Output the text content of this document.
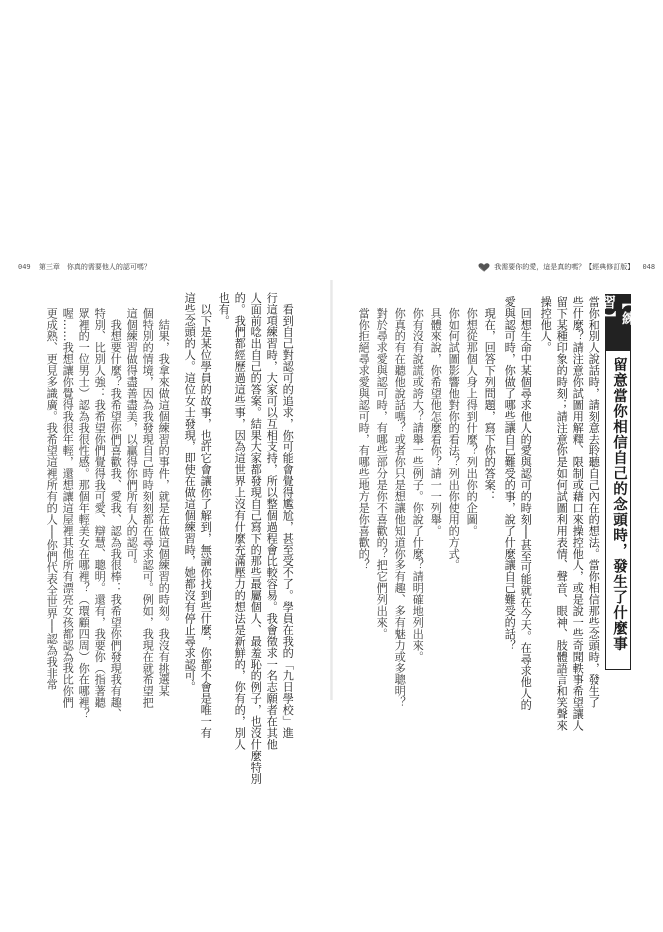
049 第三章　你真的需要他人的認可嗎？	我需要你的愛，這是真的嗎？【經典修訂版】 048
【練習】
留意當你相信自己的念頭時，發生了什麼事
當你和別人說話時，請刻意去聆聽自己內在的想法。當你相信那些念頭時，發生了
些什麼？請注意你試圖用解釋、限制或藉口來操控他人，或是說一些奇聞軼事希望讓人
留下某種印象的時刻；請注意你是如何試圖利用表情、聲音、眼神、肢體語言和笑聲來
操控他人。
　回想生命中某個尋求他人的愛與認可的時刻──甚至可能就在今天。在尋求他人的
愛與認可時，你做了哪些讓自己難受的事，說了什麼讓自己難受的話？
　現在，回答下列問題，寫下你的答案：
　你想從那個人身上得到什麼？列出你的企圖。
　你如何試圖影響他對你的看法？列出你使用的方式。
　具體來說，你希望他怎麼看你？請一一列舉。
　你有沒有說謊或誇大？請舉一些例子。你說了什麼？請明確地列出來。
　你真的有在聽他說話嗎？或者你只是想讓他知道你多有趣、多有魅力或多聰明？
　對於尋求愛與認可時，有哪些部分是你不喜歡的？把它們列出來。
　當你拒絕尋求愛與認可時，有哪些地方是你喜歡的？
　看到自己對認可的追求，你可能會覺得尷尬，甚至受不了。學員在我的「九日學校」進
行這項練習時，大家可以互相支持，所以整個過程會比較容易。我會徵求一名志願者在其他
人面前唸出自己的答案。結果大家都發現自己寫下的那些最屬個人、最羞恥的例子，也沒什麼特別
的。我們都經歷過這些事，因為這世界上沒有什麼充滿壓力的想法是新鮮的，你有的，別人
也有。
　以下是某位學員的故事，也許它會讓你了解到，無論你找到些什麼，你都不會是唯一有
這些念頭的人。這位女士發現，即使在做這個練習時，她都沒有停止尋求認可。
　　結果，我拿來做這個練習的事件，就是在做這個練習的時刻。我沒有挑選某
　個特別的情境，因為我發現自己時時刻刻都在尋求認可。例如，我現在就希望把
　這個練習做得盡善盡美，以贏得你們所有人的認可。
　　我想要什麼？我希望你們喜歡我、愛我、認為我很棒：我希望你們發現我有趣、
　特別、比別人強：我希望你們覺得我可愛、辯慧、聰明。還有，我要你（指著聽
　眾裡的一位男士）認為我很性感。那個年輕美女在哪裡？（環顧四周）你在哪裡？
　喔……我想讓你覺得我很年輕，還想讓這屋裡其他所有漂亮女孩都認為我比你們
　更成熟、更見多識廣。我希望這裡所有的人──你們代表全世界──認為我非常
